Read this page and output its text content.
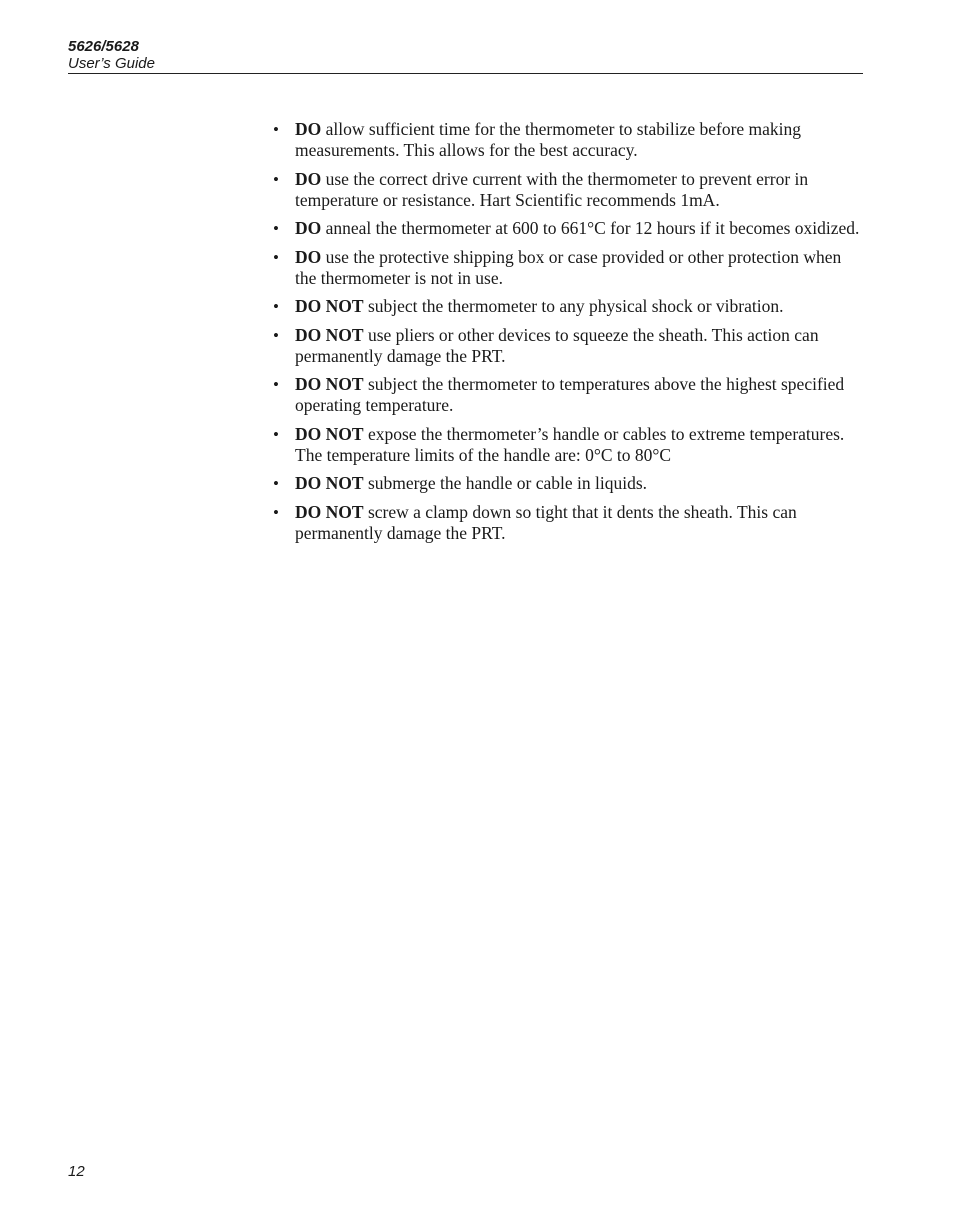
5626/5628

User’s Guide

• DO allow sufficient time for the thermometer to stabilize before making measurements. This allows for the best accuracy.
• DO use the correct drive current with the thermometer to prevent error in temperature or resistance. Hart Scientific recommends 1mA.
• DO anneal the thermometer at 600 to 661°C for 12 hours if it becomes oxidized.
• DO use the protective shipping box or case provided or other protection when the thermometer is not in use.
• DO NOT subject the thermometer to any physical shock or vibration.
• DO NOT use pliers or other devices to squeeze the sheath. This action can permanently damage the PRT.
• DO NOT subject the thermometer to temperatures above the highest specified operating temperature.
• DO NOT expose the thermometer’s handle or cables to extreme temperatures. The temperature limits of the handle are: 0°C to 80°C
• DO NOT submerge the handle or cable in liquids.
• DO NOT screw a clamp down so tight that it dents the sheath. This can permanently damage the PRT.

12
